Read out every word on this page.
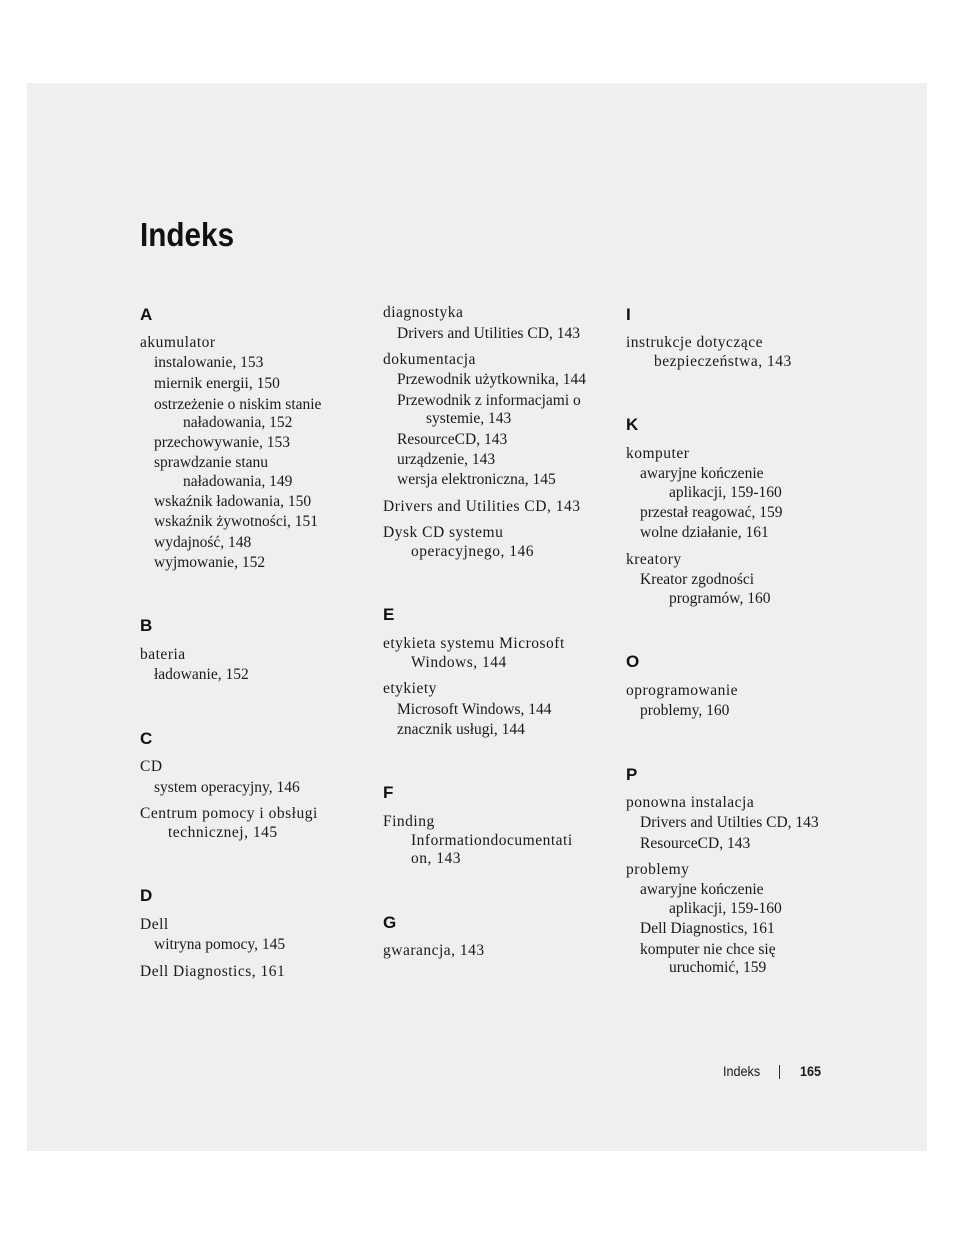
Indeks
A
akumulator
instalowanie, 153
miernik energii, 150
ostrzeżenie o niskim stanie
naładowania, 152
przechowywanie, 153
sprawdzanie stanu
naładowania, 149
wskaźnik ładowania, 150
wskaźnik żywotności, 151
wydajność, 148
wyjmowanie, 152
B
bateria
ładowanie, 152
C
CD
system operacyjny, 146
Centrum pomocy i obsługi
technicznej, 145
D
Dell
witryna pomocy, 145
Dell Diagnostics, 161
diagnostyka
Drivers and Utilities CD, 143
dokumentacja
Przewodnik użytkownika, 144
Przewodnik z informacjami o
systemie, 143
ResourceCD, 143
urządzenie, 143
wersja elektroniczna, 145
Drivers and Utilities CD, 143
Dysk CD systemu
operacyjnego, 146
E
etykieta systemu Microsoft
Windows, 144
etykiety
Microsoft Windows, 144
znacznik usługi, 144
F
Finding
Informationdocumentati
on, 143
G
gwarancja, 143
I
instrukcje dotyczące
bezpieczeństwa, 143
K
komputer
awaryjne kończenie
aplikacji, 159-160
przestał reagować, 159
wolne działanie, 161
kreatory
Kreator zgodności
programów, 160
O
oprogramowanie
problemy, 160
P
ponowna instalacja
Drivers and Utilties CD, 143
ResourceCD, 143
problemy
awaryjne kończenie
aplikacji, 159-160
Dell Diagnostics, 161
komputer nie chce się
uruchomić, 159
Indeks	165
